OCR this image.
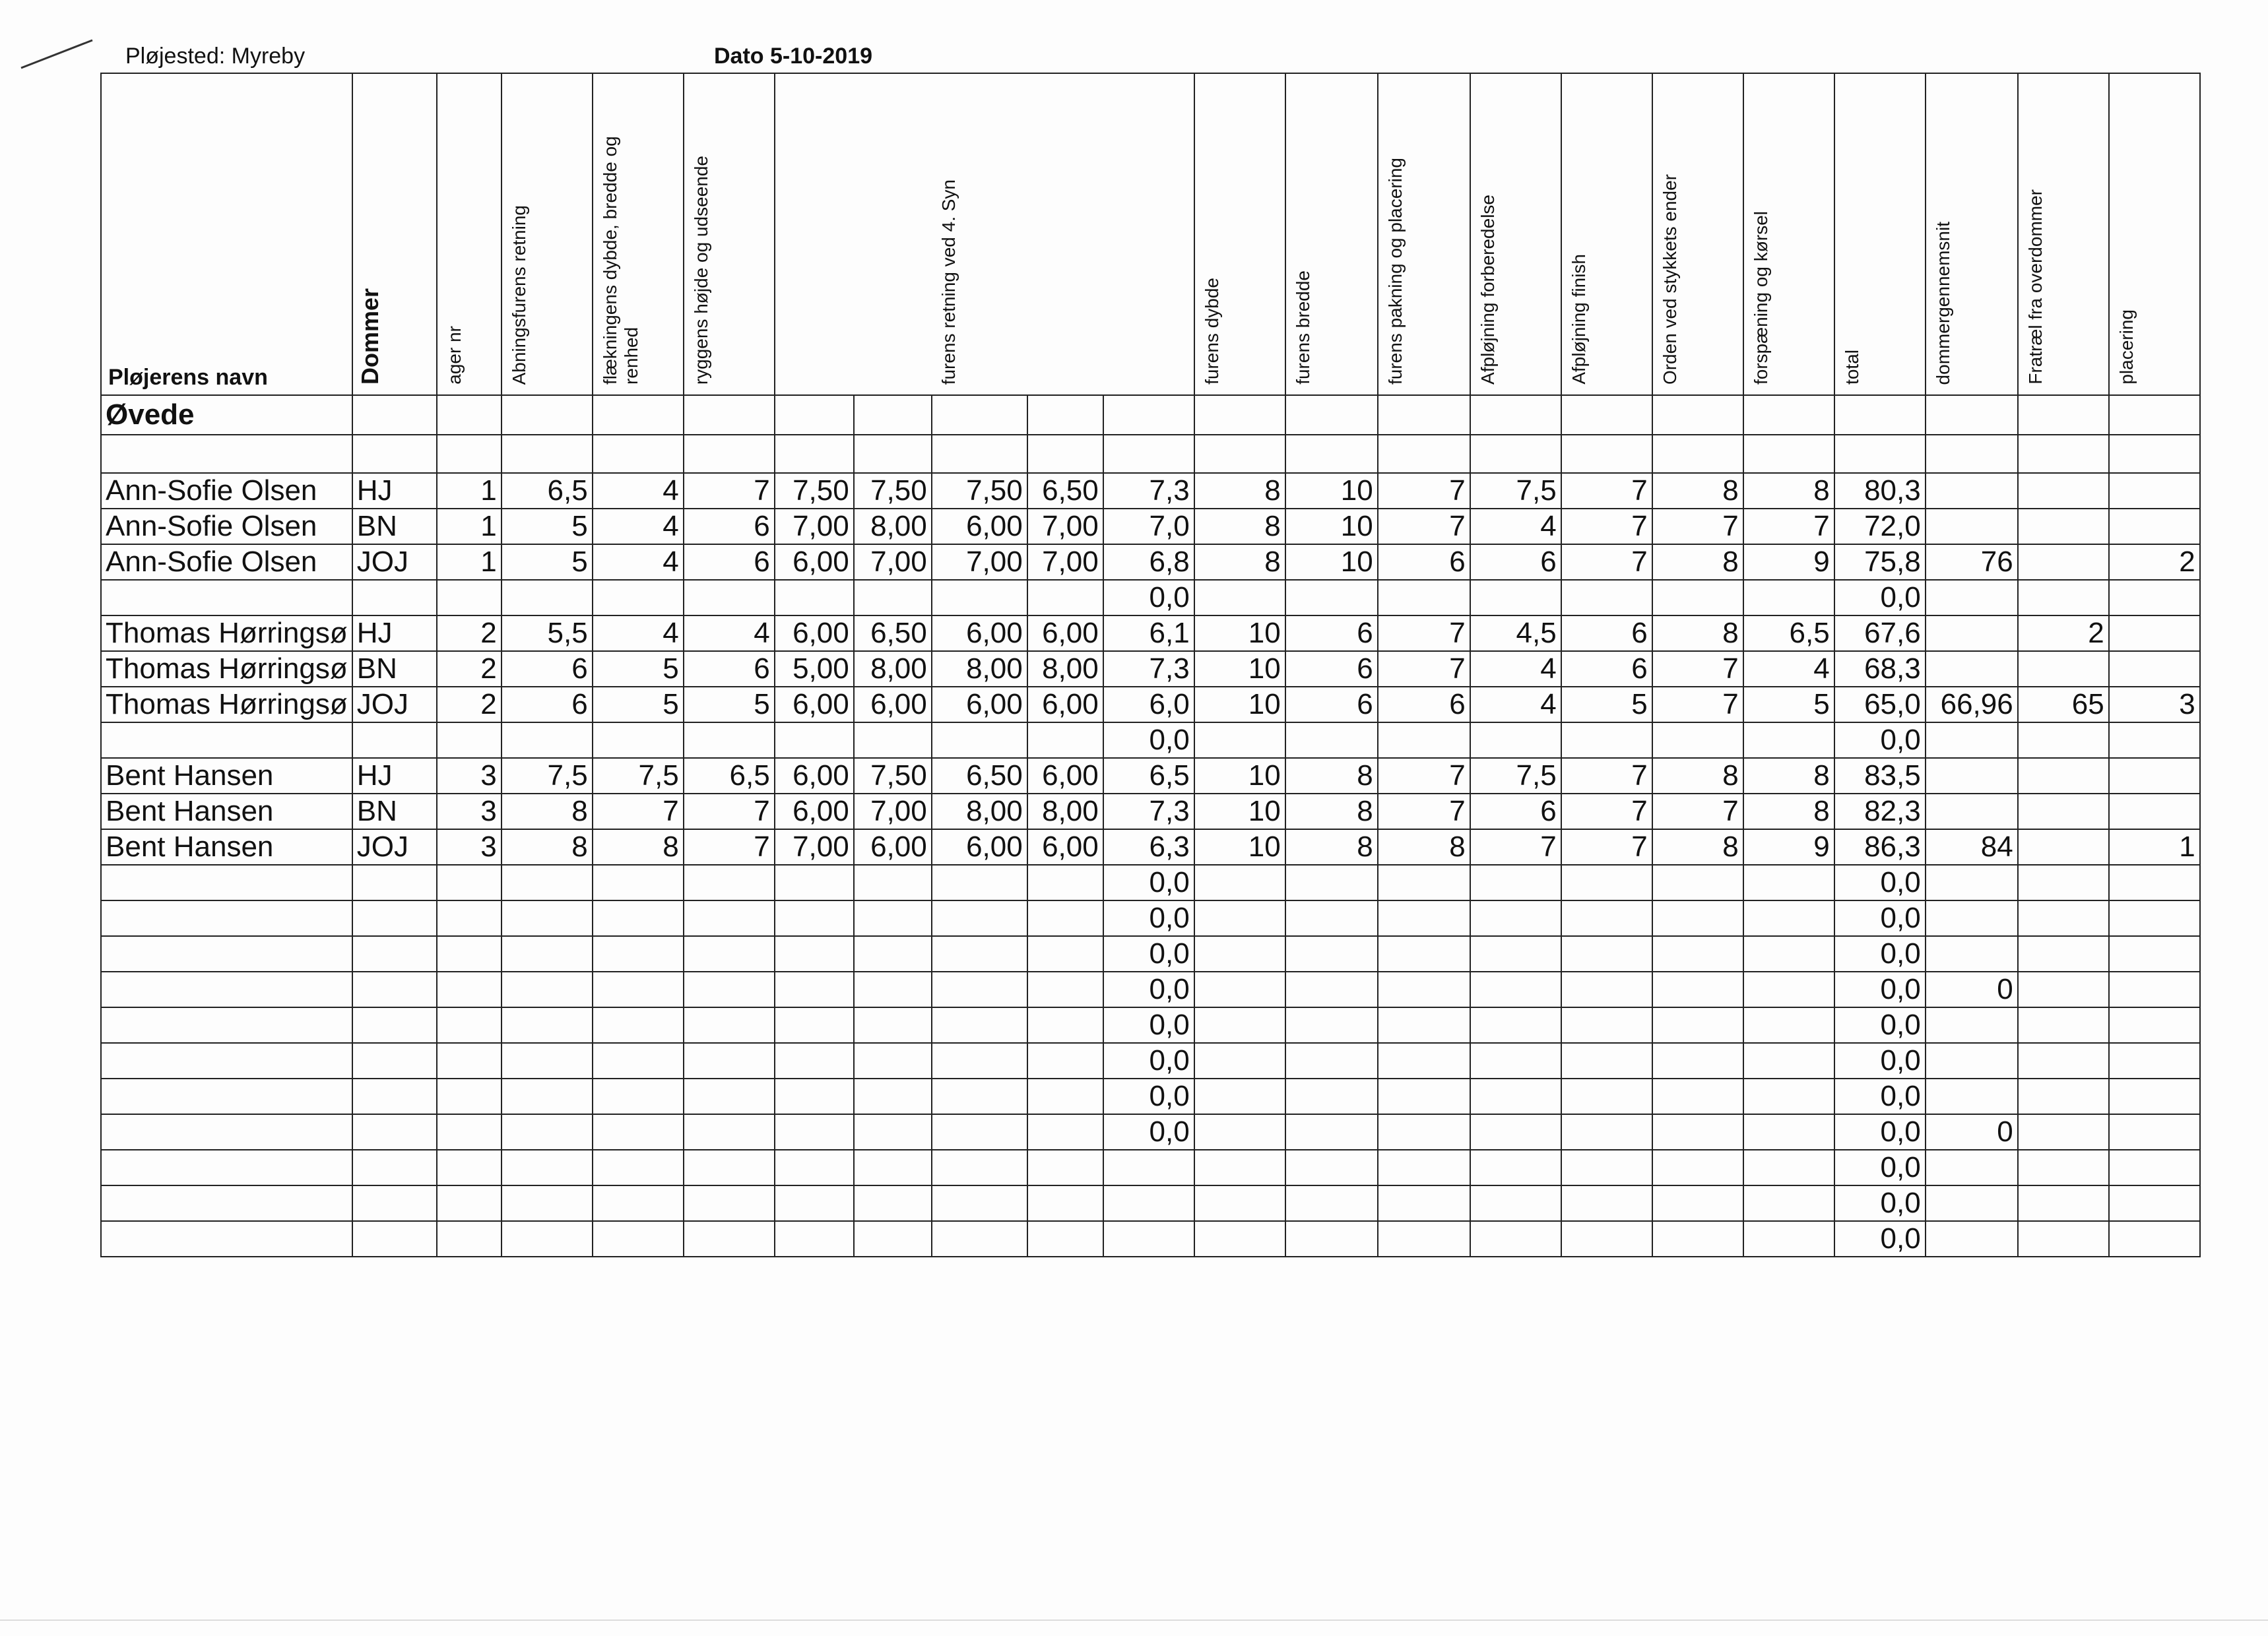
Pløjested: Myreby	Dato 5-10-2019
Pløjerens navn	Dommer	ager nr	Abningsfurens retning	flækningens dybde, bredde og renhed	ryggens højde og udseende			furens retning ved 4. Syn			furens dybde	furens bredde	furens pakning og placering	Afpløjning forberedelse	Afpløjning finish	Orden ved stykkets ender	forspæning og kørsel	total	dommergennemsnit	Fratræl fra overdommer	placering
Øvede																					

Ann-Sofie Olsen	HJ	1	6,5	4	7	7,50	7,50	7,50	6,50	7,3	8	10	7	7,5	7	8	8	80,3			
Ann-Sofie Olsen	BN	1	5	4	6	7,00	8,00	6,00	7,00	7,0	8	10	7	4	7	7	7	72,0			
Ann-Sofie Olsen	JOJ	1	5	4	6	6,00	7,00	7,00	7,00	6,8	8	10	6	6	7	8	9	75,8	76		2
										0,0								0,0			
Thomas Hørringsø	HJ	2	5,5	4	4	6,00	6,50	6,00	6,00	6,1	10	6	7	4,5	6	8	6,5	67,6		2	
Thomas Hørringsø	BN	2	6	5	6	5,00	8,00	8,00	8,00	7,3	10	6	7	4	6	7	4	68,3			
Thomas Hørringsø	JOJ	2	6	5	5	6,00	6,00	6,00	6,00	6,0	10	6	6	4	5	7	5	65,0	66,96	65	3
										0,0								0,0			
Bent Hansen	HJ	3	7,5	7,5	6,5	6,00	7,50	6,50	6,00	6,5	10	8	7	7,5	7	8	8	83,5			
Bent Hansen	BN	3	8	7	7	6,00	7,00	8,00	8,00	7,3	10	8	7	6	7	7	8	82,3			
Bent Hansen	JOJ	3	8	8	7	7,00	6,00	6,00	6,00	6,3	10	8	8	7	7	8	9	86,3	84		1
										0,0								0,0			
										0,0								0,0			
										0,0								0,0			
										0,0								0,0	0		
										0,0								0,0			
										0,0								0,0			
										0,0								0,0			
										0,0								0,0	0		
																		0,0			
																		0,0			
																		0,0			
